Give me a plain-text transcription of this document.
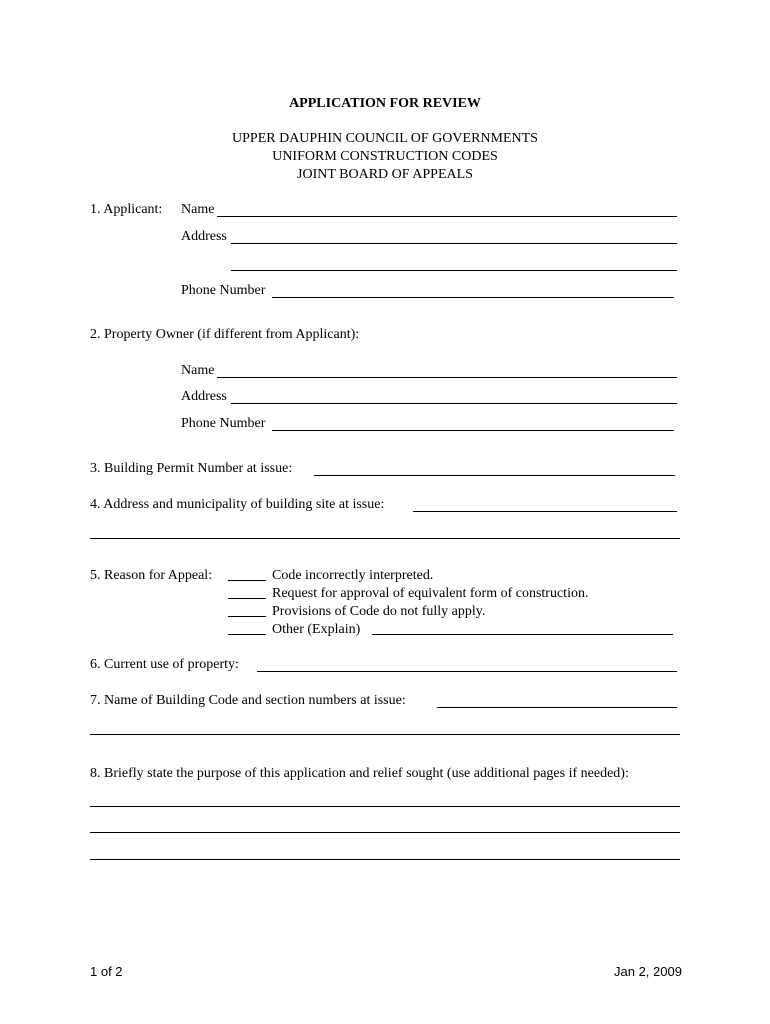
APPLICATION FOR REVIEW
UPPER DAUPHIN COUNCIL OF GOVERNMENTS
UNIFORM CONSTRUCTION CODES
JOINT BOARD OF APPEALS
1. Applicant: Name
Address
Phone Number
2. Property Owner (if different from Applicant):
Name
Address
Phone Number
3. Building Permit Number at issue:
4. Address and municipality of building site at issue:
5. Reason for Appeal:	Code incorrectly interpreted.
Request for approval of equivalent form of construction.
Provisions of Code do not fully apply.
Other (Explain)
6. Current use of property:
7. Name of Building Code and section numbers at issue:
8. Briefly state the purpose of this application and relief sought (use additional pages if needed):
1 of 2	Jan 2, 2009
